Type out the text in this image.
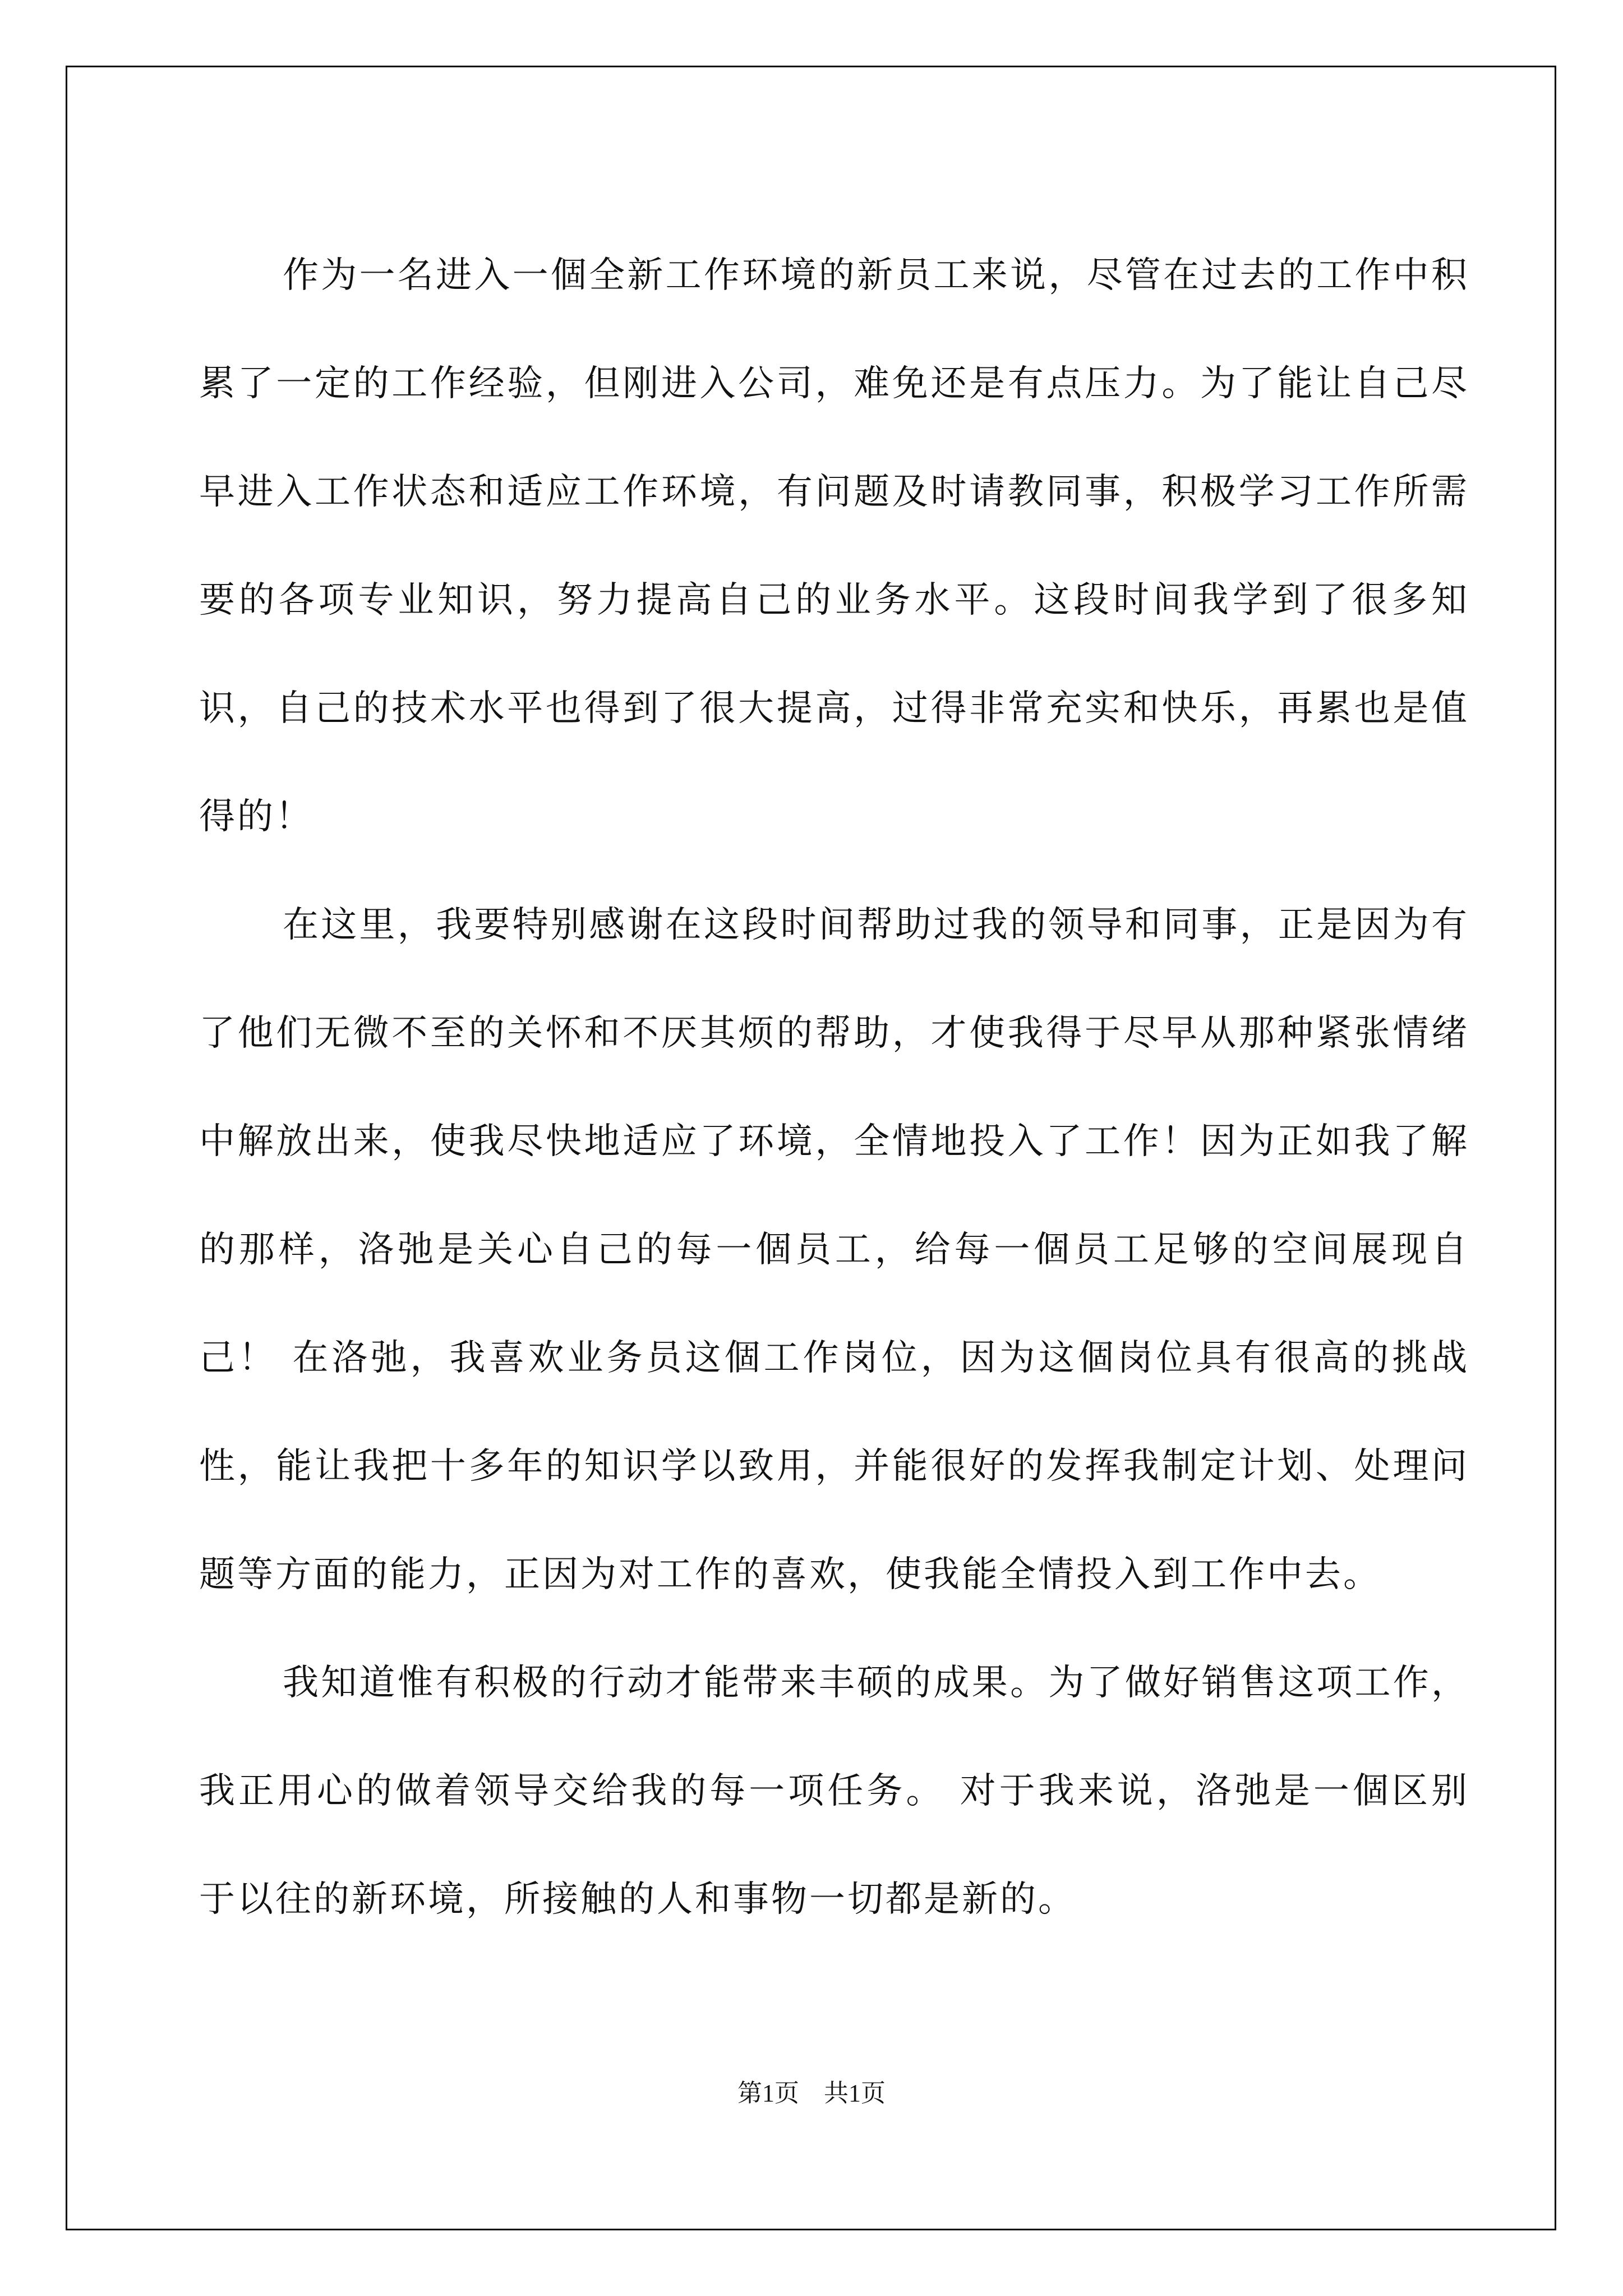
作为一名进入一個全新工作环境的新员工来说，尽管在过去的工作中积累了一定的工作经验，但刚进入公司，难免还是有点压力。为了能让自己尽早进入工作状态和适应工作环境，有问题及时请教同事，积极学习工作所需要的各项专业知识，努力提高自己的业务水平。这段时间我学到了很多知识，自己的技术水平也得到了很大提高，过得非常充实和快乐，再累也是值得的！

在这里，我要特别感谢在这段时间帮助过我的领导和同事，正是因为有了他们无微不至的关怀和不厌其烦的帮助，才使我得于尽早从那种紧张情绪中解放出来，使我尽快地适应了环境，全情地投入了工作！因为正如我了解的那样，洛弛是关心自己的每一個员工，给每一個员工足够的空间展现自己！ 在洛弛，我喜欢业务员这個工作岗位，因为这個岗位具有很高的挑战性，能让我把十多年的知识学以致用，并能很好的发挥我制定计划、处理问题等方面的能力，正因为对工作的喜欢，使我能全情投入到工作中去。

我知道惟有积极的行动才能带来丰硕的成果。为了做好销售这项工作，我正用心的做着领导交给我的每一项任务。 对于我来说，洛弛是一個区别于以往的新环境，所接触的人和事物一切都是新的。

第1页　共1页
